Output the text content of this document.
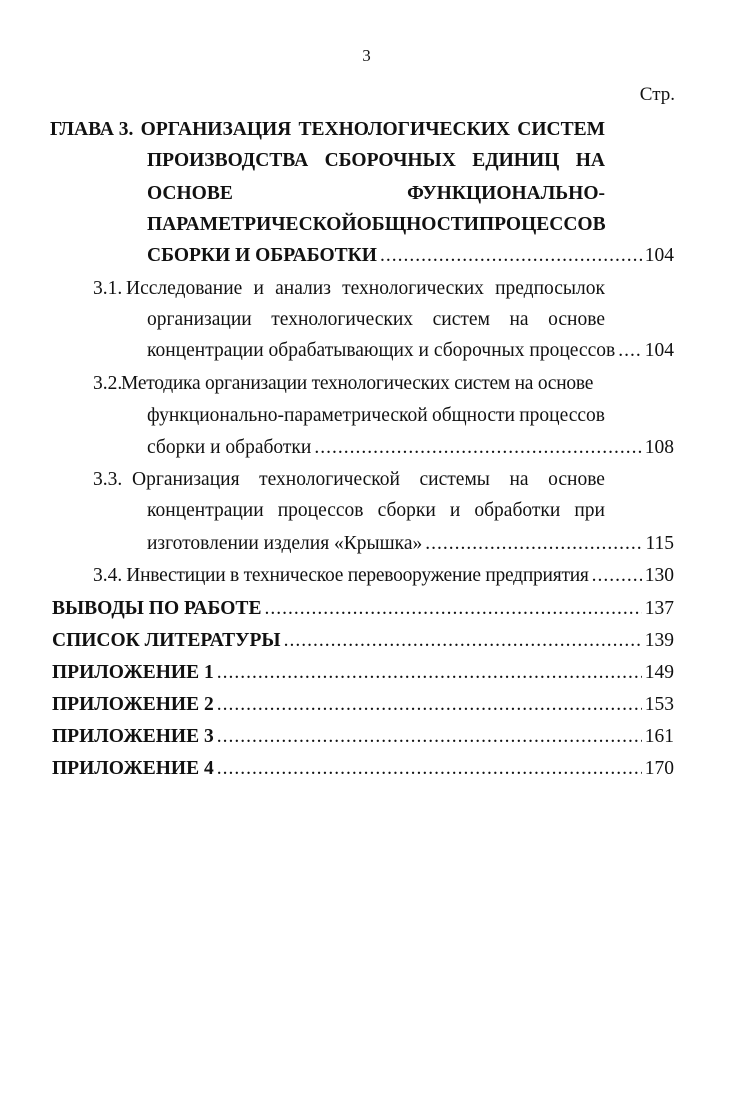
3
Стр.
ГЛАВА 3. ОРГАНИЗАЦИЯ ТЕХНОЛОГИЧЕСКИХ СИСТЕМ
ПРОИЗВОДСТВА СБОРОЧНЫХ ЕДИНИЦ НА
ОСНОВЕ	ФУНКЦИОНАЛЬНО-
ПАРАМЕТРИЧЕСКОЙ ОБЩНОСТИ ПРОЦЕССОВ
СБОРКИ И ОБРАБОТКИ .....	104
3.1. Исследование и анализ технологических предпосылок
организации технологических систем на основе
концентрации обрабатывающих и сборочных процессов ..... 104
3.2.
Методика организации технологических систем на основе
функционально-параметрической общности процессов
сборки и обработки .....	108
3.3. Организация технологической системы на основе
концентрации процессов сборки и обработки при
изготовлении изделия «Крышка» .....	115
3.4. Инвестиции в техническое перевооружение предприятия .....	130
ВЫВОДЫ ПО РАБОТЕ .....	137
СПИСОК ЛИТЕРАТУРЫ .....	139
ПРИЛОЖЕНИЕ 1 .....	149
ПРИЛОЖЕНИЕ 2 .....	153
ПРИЛОЖЕНИЕ 3 .....	161
ПРИЛОЖЕНИЕ 4 .....	170
